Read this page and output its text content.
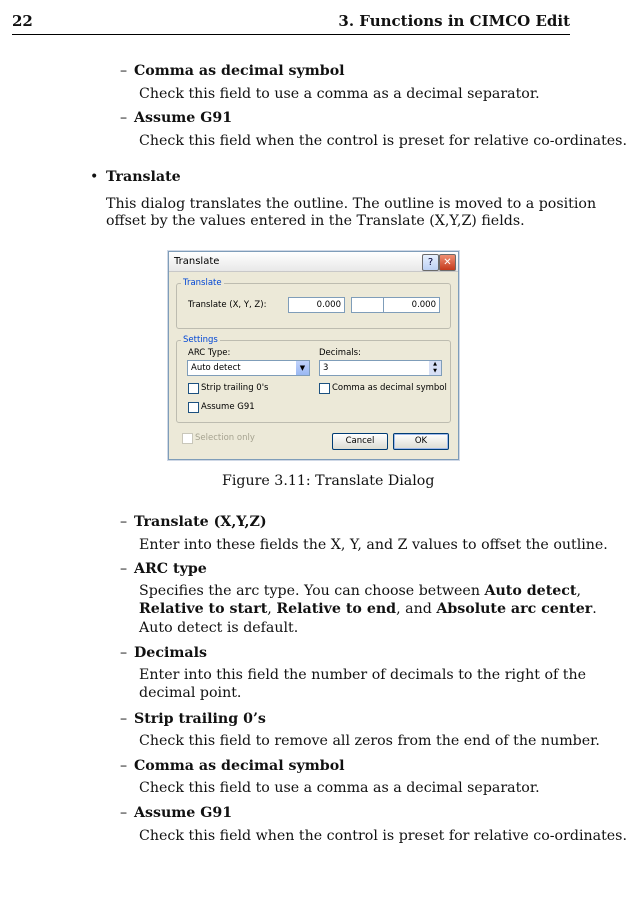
22	3. Functions in CIMCO Edit
– Comma as decimal symbol
Check this field to use a comma as a decimal separator.
– Assume G91
Check this field when the control is preset for relative co-ordinates.
• Translate
This dialog translates the outline. The outline is moved to a position
offset by the values entered in the Translate (X,Y,Z) fields.
Translate	?	✕
Translate
Translate (X, Y, Z):	0.000	0.000
Settings
ARC Type:
Auto detect	▼
Decimals:
3	▲
▼
Strip trailing 0's	Comma as decimal symbol
Assume G91
Selection only	Cancel	OK
Figure 3.11: Translate Dialog
– Translate (X,Y,Z)
Enter into these fields the X, Y, and Z values to offset the outline.
– ARC type
Specifies the arc type. You can choose between Auto detect,
Relative to start, Relative to end, and Absolute arc center.
Auto detect is default.
– Decimals
Enter into this field the number of decimals to the right of the
decimal point.
– Strip trailing 0’s
Check this field to remove all zeros from the end of the number.
– Comma as decimal symbol
Check this field to use a comma as a decimal separator.
– Assume G91
Check this field when the control is preset for relative co-ordinates.
